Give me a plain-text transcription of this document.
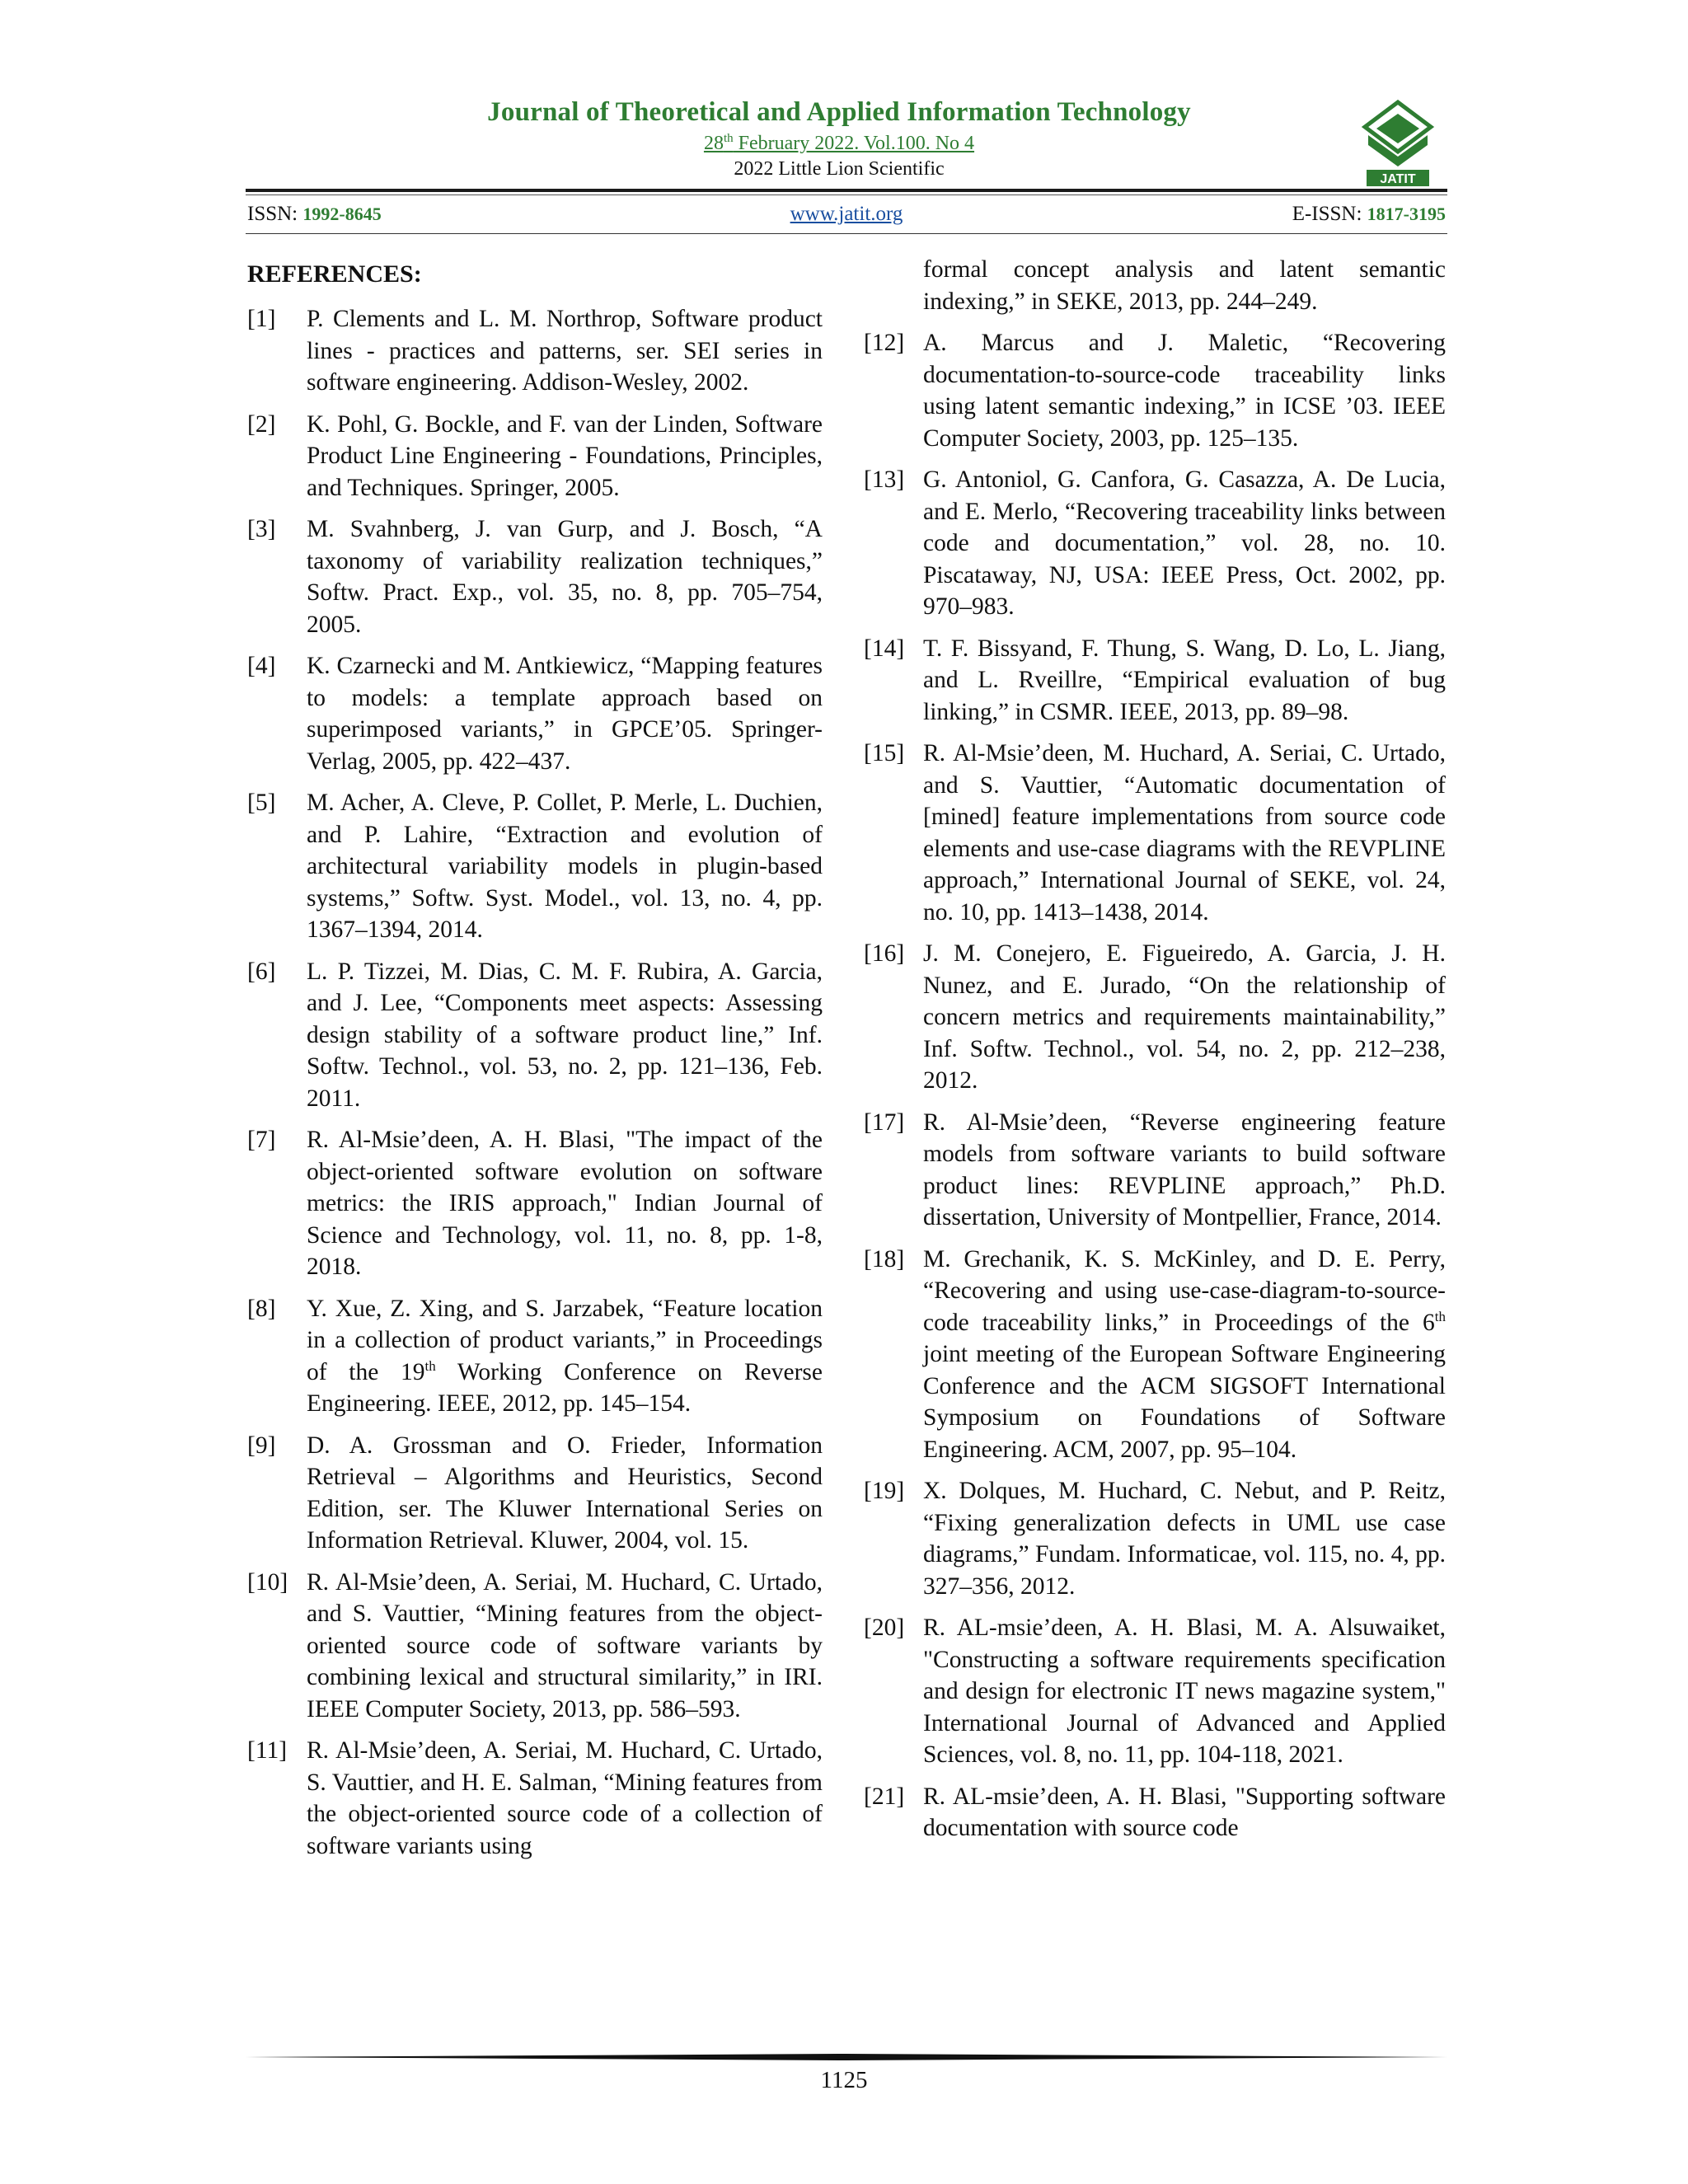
Journal of Theoretical and Applied Information Technology
28th February 2022. Vol.100. No 4
2022 Little Lion Scientific	JATIT
ISSN: 1992-8645	www.jatit.org	E-ISSN: 1817-3195
REFERENCES:
[1]	P. Clements and L. M. Northrop, Software product lines - practices and patterns, ser. SEI series in software engineering. Addison-Wesley, 2002.
[2]	K. Pohl, G. Bockle, and F. van der Linden, Software Product Line Engineering - Foundations, Principles, and Techniques. Springer, 2005.
[3]	M. Svahnberg, J. van Gurp, and J. Bosch, “A taxonomy of variability realization techniques,” Softw. Pract. Exp., vol. 35, no. 8, pp. 705–754, 2005.
[4]	K. Czarnecki and M. Antkiewicz, “Mapping features to models: a template approach based on superimposed variants,” in GPCE’05. Springer-Verlag, 2005, pp. 422–437.
[5]	M. Acher, A. Cleve, P. Collet, P. Merle, L. Duchien, and P. Lahire, “Extraction and evolution of architectural variability models in plugin-based systems,” Softw. Syst. Model., vol. 13, no. 4, pp. 1367–1394, 2014.
[6]	L. P. Tizzei, M. Dias, C. M. F. Rubira, A. Garcia, and J. Lee, “Components meet aspects: Assessing design stability of a software product line,” Inf. Softw. Technol., vol. 53, no. 2, pp. 121–136, Feb. 2011.
[7]	R. Al-Msie’deen, A. H. Blasi, "The impact of the object-oriented software evolution on software metrics: the IRIS approach," Indian Journal of Science and Technology, vol. 11, no. 8, pp. 1-8, 2018.
[8]	Y. Xue, Z. Xing, and S. Jarzabek, “Feature location in a collection of product variants,” in Proceedings of the 19th Working Conference on Reverse Engineering. IEEE, 2012, pp. 145–154.
[9]	D. A. Grossman and O. Frieder, Information Retrieval – Algorithms and Heuristics, Second Edition, ser. The Kluwer International Series on Information Retrieval. Kluwer, 2004, vol. 15.
[10] R. Al-Msie’deen, A. Seriai, M. Huchard, C. Urtado, and S. Vauttier, “Mining features from the object-oriented source code of software variants by combining lexical and structural similarity,” in IRI. IEEE Computer Society, 2013, pp. 586–593.
[11] R. Al-Msie’deen, A. Seriai, M. Huchard, C. Urtado, S. Vauttier, and H. E. Salman, “Mining features from the object-oriented source code of a collection of software variants using
formal concept analysis and latent semantic indexing,” in SEKE, 2013, pp. 244–249.
[12] A. Marcus and J. Maletic, “Recovering documentation-to-source-code traceability links using latent semantic indexing,” in ICSE ’03. IEEE Computer Society, 2003, pp. 125–135.
[13] G. Antoniol, G. Canfora, G. Casazza, A. De Lucia, and E. Merlo, “Recovering traceability links between code and documentation,” vol. 28, no. 10. Piscataway, NJ, USA: IEEE Press, Oct. 2002, pp. 970–983.
[14] T. F. Bissyand, F. Thung, S. Wang, D. Lo, L. Jiang, and L. Rveillre, “Empirical evaluation of bug linking,” in CSMR. IEEE, 2013, pp. 89–98.
[15] R. Al-Msie’deen, M. Huchard, A. Seriai, C. Urtado, and S. Vauttier, “Automatic documentation of [mined] feature implementations from source code elements and use-case diagrams with the REVPLINE approach,” International Journal of SEKE, vol. 24, no. 10, pp. 1413–1438, 2014.
[16] J. M. Conejero, E. Figueiredo, A. Garcia, J. H. Nunez, and E. Jurado, “On the relationship of concern metrics and requirements maintainability,” Inf. Softw. Technol., vol. 54, no. 2, pp. 212–238, 2012.
[17] R. Al-Msie’deen, “Reverse engineering feature models from software variants to build software product lines: REVPLINE approach,” Ph.D. dissertation, University of Montpellier, France, 2014.
[18] M. Grechanik, K. S. McKinley, and D. E. Perry, “Recovering and using use-case-diagram-to-source-code traceability links,” in Proceedings of the 6th joint meeting of the European Software Engineering Conference and the ACM SIGSOFT International Symposium on Foundations of Software Engineering. ACM, 2007, pp. 95–104.
[19] X. Dolques, M. Huchard, C. Nebut, and P. Reitz, “Fixing generalization defects in UML use case diagrams,” Fundam. Informaticae, vol. 115, no. 4, pp. 327–356, 2012.
[20] R. AL-msie’deen, A. H. Blasi, M. A. Alsuwaiket, "Constructing a software requirements specification and design for electronic IT news magazine system," International Journal of Advanced and Applied Sciences, vol. 8, no. 11, pp. 104-118, 2021.
[21] R. AL-msie’deen, A. H. Blasi, "Supporting software documentation with source code
1125
